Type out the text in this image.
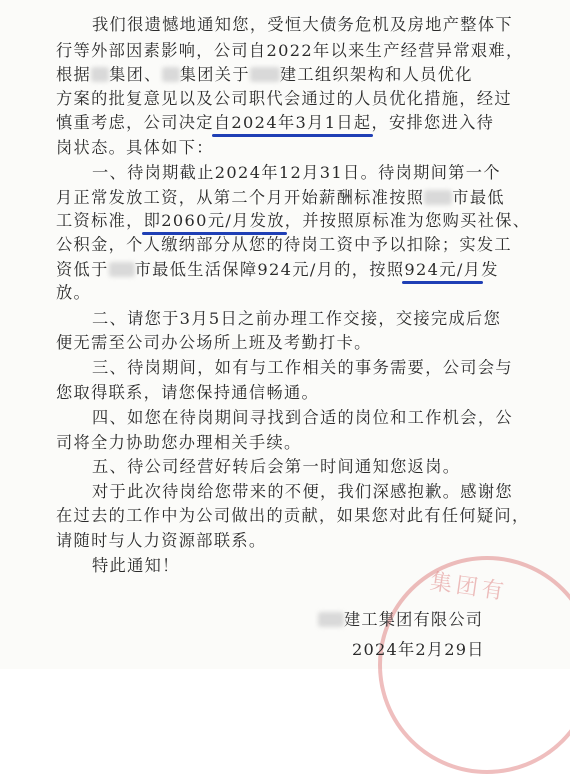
我们很遗憾地通知您，受恒大债务危机及房地产整体下
行等外部因素影响，公司自2022年以来生产经营异常艰难，
根据 集团、 集团关于 建工组织架构和人员优化
方案的批复意见以及公司职代会通过的人员优化措施，经过
慎重考虑，公司决定自2024年3月1日起，安排您进入待
岗状态。具体如下：
一、待岗期截止2024年12月31日。待岗期间第一个
月正常发放工资，从第二个月开始薪酬标准按照 市最低
工资标准，即2060元/月发放，并按照原标准为您购买社保、
公积金，个人缴纳部分从您的待岗工资中予以扣除；实发工
资低于 市最低生活保障924元/月的，按照924元/月发
放。
二、请您于3月5日之前办理工作交接，交接完成后您
便无需至公司办公场所上班及考勤打卡。
三、待岗期间，如有与工作相关的事务需要，公司会与
您取得联系，请您保持通信畅通。
四、如您在待岗期间寻找到合适的岗位和工作机会，公
司将全力协助您办理相关手续。
五、待公司经营好转后会第一时间通知您返岗。
对于此次待岗给您带来的不便，我们深感抱歉。感谢您
在过去的工作中为公司做出的贡献，如果您对此有任何疑问，
请随时与人力资源部联系。
特此通知！
集团有
建工集团有限公司
2024年2月29日
